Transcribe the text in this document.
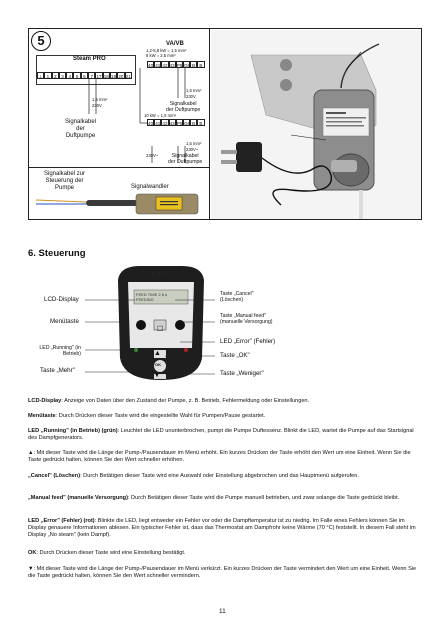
5
Steam PRO
⊥ 1	2	3	4	5	6	7 17 18 19 20 21
1,5 mm²
230V
Signalkabel
der
Duftpumpe
VA/VB
1,2-5,8 kW = 1,5 mm²
8 kW = 2,5 mm²
40 41 42 43 P5 G6 B B
1,5 mm²
230V
Signalkabel
der Duftpumpe
10 kW = 1,5 mm²
40 41 42 43 P5 G6 B B
1,5 mm²
230V~
230V~	Signalkabel
der Duftpumpe
Signalkabel zur
Steuerung der
Pumpe	Signalwandler
6. Steuerung
TYLÖ
FEED TIME 2,5 s
FEEDING
☐
▲
OK
▼
LCD-Display
Menütaste
LED „Running" (in
Betrieb)
Taste „Mehr"
Taste „Cancel"
(Löschen)
Taste „Manual feed"
(manuelle Versorgung)
LED „Error" (Fehler)
Taste „OK"
Taste „Weniger"

LCD-Display: Anzeige von Daten über den Zustand der Pumpe, z. B. Betrieb, Fehlermeldung oder Einstellungen.

Menütaste: Durch Drücken dieser Taste wird die eingestellte Wahl für Pumpen/Pause gestartet.

LED „Running" (in Betrieb) (grün): Leuchtet die LED ununterbrochen, pumpt die Pumpe Duftessenz. Blinkt die LED, wartet die Pumpe auf das Startsignal des Dampfgenerators.

▲: Mit dieser Taste wird die Länge der Pump-/Pausendauer im Menü erhöht. Ein kurzes Drücken der Taste erhöht den Wert um eine Einheit. Wenn Sie die Taste gedrückt halten, können Sie den Wert schneller erhöhen.

„Cancel" (Löschen): Durch Betätigen dieser Taste wird eine Auswahl oder Einstellung abgebrochen und das Hauptmenü aufgerufen.

„Manual feed" (manuelle Versorgung): Durch Betätigen dieser Taste wird die Pumpe manuell betrieben, und zwar solange die Taste gedrückt bleibt.

LED „Error" (Fehler) (rot): Blinkte die LED, liegt entweder ein Fehler vor oder die Dampftemperatur ist zu niedrig. Im Falle eines Fehlers können Sie im Display genauere Informationen ablesen. Ein typischer Fehler ist, dass das Thermostat am Dampfrohr keine Wärme (70 °C) feststellt. In diesem Fall steht im Display „No steam" (kein Dampf).

OK: Durch Drücken dieser Taste wird eine Einstellung bestätigt.

▼: Mit dieser Taste wird die Länge der Pump-/Pausendauer im Menü verkürzt. Ein kurzes Drücken der Taste vermindert den Wert um eine Einheit. Wenn Sie die Taste gedrückt halten, können Sie den Wert schneller vermindern.

11
